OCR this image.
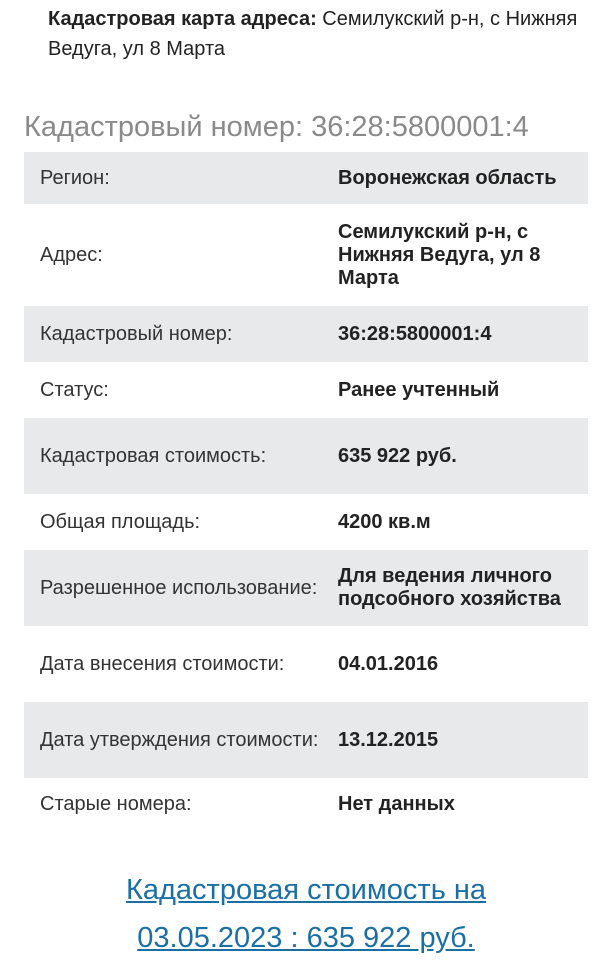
Кадастровая карта адреса: Семилукский р-н, с Нижняя Ведуга, ул 8 Марта
Кадастровый номер: 36:28:5800001:4
Регион:	Воронежская область
Адрес:	Семилукский р-н, с Нижняя Ведуга, ул 8 Марта
Кадастровый номер:	36:28:5800001:4
Статус:	Ранее учтенный
Кадастровая стоимость:	635 922 руб.
Общая площадь:	4200 кв.м
Разрешенное использование:	Для ведения личного подсобного хозяйства
Дата внесения стоимости:	04.01.2016
Дата утверждения стоимости:	13.12.2015
Старые номера:	Нет данных
Кадастровая стоимость на
03.05.2023 : 635 922 руб.
